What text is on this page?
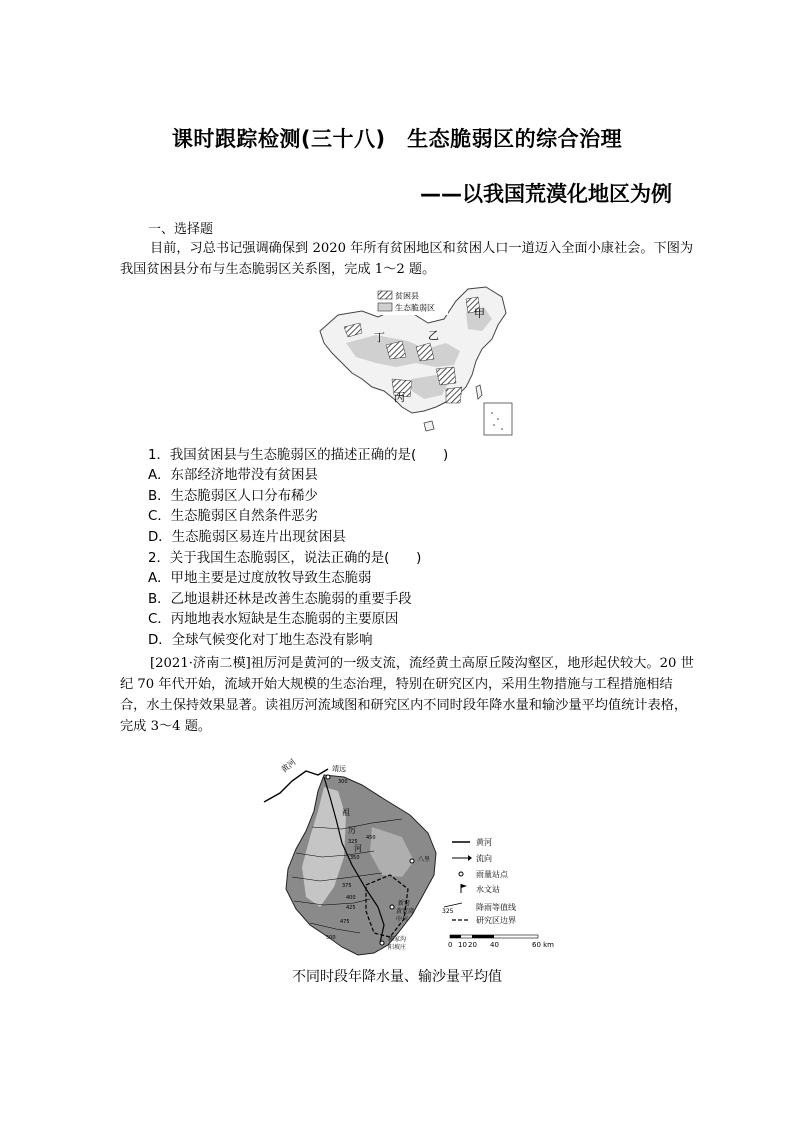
课时跟踪检测(三十八)　生态脆弱区的综合治理
——以我国荒漠化地区为例
一、选择题
目前，习总书记强调确保到 2020 年所有贫困地区和贫困人口一道迈入全面小康社会。下图为我国贫困县分布与生态脆弱区关系图，完成 1～2 题。
贫困县
生态脆弱区	甲
乙
丙
丁
1．我国贫困县与生态脆弱区的描述正确的是(　　)
A．东部经济地带没有贫困县
B．生态脆弱区人口分布稀少
C．生态脆弱区自然条件恶劣
D．生态脆弱区易连片出现贫困县
2．关于我国生态脆弱区，说法正确的是(　　)
A．甲地主要是过度放牧导致生态脆弱
B．乙地退耕还林是改善生态脆弱的重要手段
C．丙地地表水短缺是生态脆弱的主要原因
D．全球气候变化对丁地生态没有影响
[2021·济南二模]祖厉河是黄河的一级支流，流经黄土高原丘陵沟壑区，地形起伏较大。20 世纪 70 年代开始，流域开始大规模的生态治理，特别在研究区内，采用生物措施与工程措施相结合，水土保持效果显著。读祖厉河流域图和研究区内不同时段年降水量和输沙量平均值统计表格，完成 3～4 题。
黄河	靖远
祖
厉
河
八里
新窑
黄宽湾
中川
郭家沟
阳坡庄
300
325
350
400
425
375
475
500
450	黄河
流向
雨量站点
水文站
325	降雨等值线
研究区边界
0 10 20 40	60 km
不同时段年降水量、输沙量平均值
